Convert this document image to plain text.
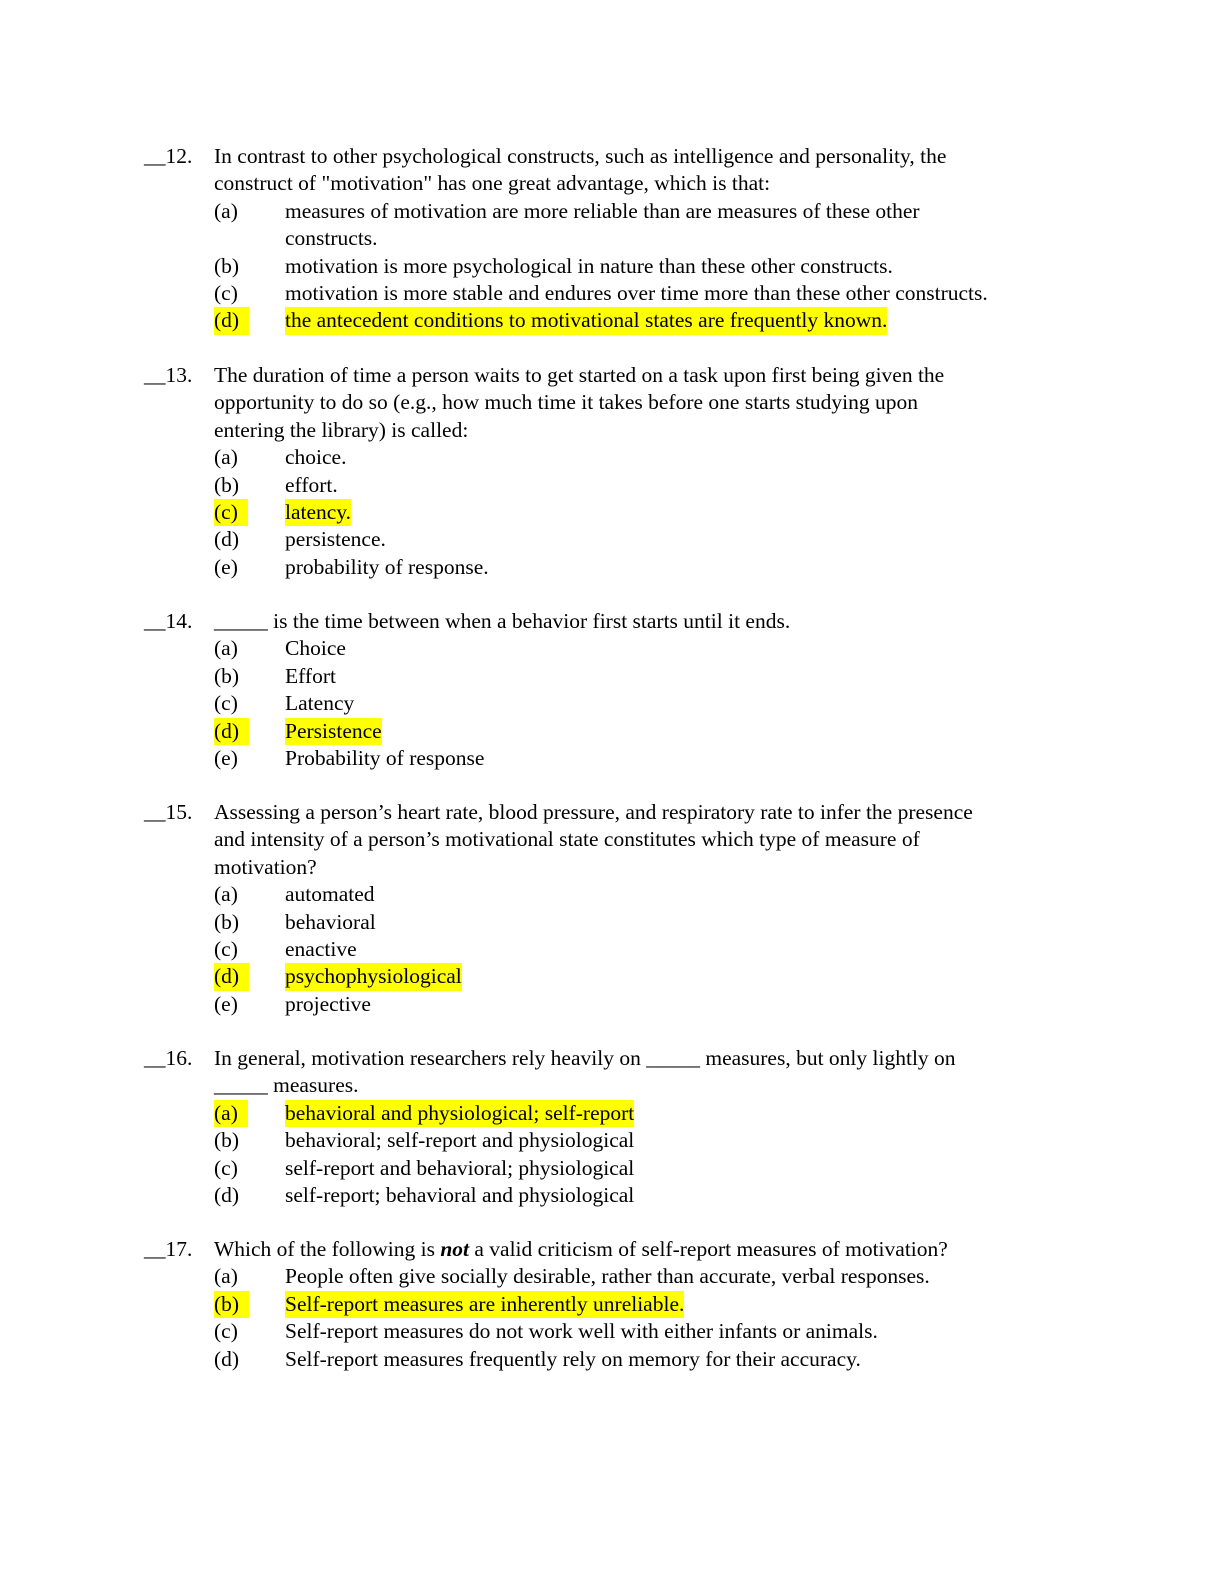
__12. In contrast to other psychological constructs, such as intelligence and personality, the
construct of "motivation" has one great advantage, which is that:
(a) measures of motivation are more reliable than are measures of these other
constructs.
(b) motivation is more psychological in nature than these other constructs.
(c) motivation is more stable and endures over time more than these other constructs.
(d)	the antecedent conditions to motivational states are frequently known.
__13. The duration of time a person waits to get started on a task upon first being given the
opportunity to do so (e.g., how much time it takes before one starts studying upon
entering the library) is called:
(a) choice.
(b) effort.
(c)	latency.
(d) persistence.
(e) probability of response.
__14. _____ is the time between when a behavior first starts until it ends.
(a) Choice
(b) Effort
(c) Latency
(d)	Persistence
(e) Probability of response
__15. Assessing a person’s heart rate, blood pressure, and respiratory rate to infer the presence
and intensity of a person’s motivational state constitutes which type of measure of
motivation?
(a) automated
(b) behavioral
(c) enactive
(d)	psychophysiological
(e) projective
__16. In general, motivation researchers rely heavily on _____ measures, but only lightly on
_____ measures.
(a)	behavioral and physiological; self-report
(b) behavioral; self-report and physiological
(c) self-report and behavioral; physiological
(d) self-report; behavioral and physiological
__17. Which of the following is not a valid criticism of self-report measures of motivation?
(a) People often give socially desirable, rather than accurate, verbal responses.
(b)	Self-report measures are inherently unreliable.
(c) Self-report measures do not work well with either infants or animals.
(d) Self-report measures frequently rely on memory for their accuracy.
